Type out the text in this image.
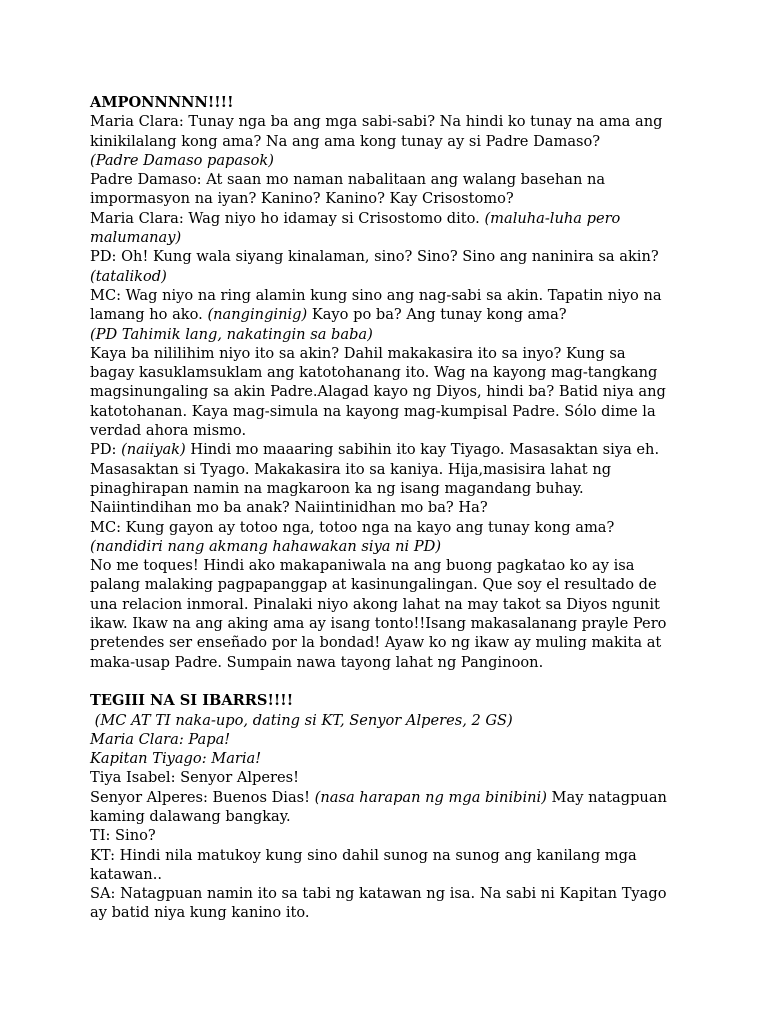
AMPONNNNN!!!!
Maria Clara: Tunay nga ba ang mga sabi-sabi? Na hindi ko tunay na ama ang
kinikilalang kong ama? Na ang ama kong tunay ay si Padre Damaso?
(Padre Damaso papasok)
Padre Damaso: At saan mo naman nabalitaan ang walang basehan na
impormasyon na iyan? Kanino? Kanino? Kay Crisostomo?
Maria Clara: Wag niyo ho idamay si Crisostomo dito. (maluha-luha pero
malumanay)
PD: Oh! Kung wala siyang kinalaman, sino? Sino? Sino ang naninira sa akin?
(tatalikod)
MC: Wag niyo na ring alamin kung sino ang nag-sabi sa akin. Tapatin niyo na
lamang ho ako. (nanginginig) Kayo po ba? Ang tunay kong ama?
(PD Tahimik lang, nakatingin sa baba)
Kaya ba nililihim niyo ito sa akin? Dahil makakasira ito sa inyo? Kung sa
bagay kasuklamsuklam ang katotohanang ito. Wag na kayong mag-tangkang
magsinungaling sa akin Padre.Alagad kayo ng Diyos, hindi ba? Batid niya ang
katotohanan. Kaya mag-simula na kayong mag-kumpisal Padre. Sólo dime la
verdad ahora mismo.
PD: (naiiyak) Hindi mo maaaring sabihin ito kay Tiyago. Masasaktan siya eh.
Masasaktan si Tyago. Makakasira ito sa kaniya. Hija,masisira lahat ng
pinaghirapan namin na magkaroon ka ng isang magandang buhay.
Naiintindihan mo ba anak? Naiintinidhan mo ba? Ha?
MC: Kung gayon ay totoo nga, totoo nga na kayo ang tunay kong ama?
(nandidiri nang akmang hahawakan siya ni PD)
No me toques! Hindi ako makapaniwala na ang buong pagkatao ko ay isa
palang malaking pagpapanggap at kasinungalingan. Que soy el resultado de
una relacion inmoral. Pinalaki niyo akong lahat na may takot sa Diyos ngunit
ikaw. Ikaw na ang aking ama ay isang tonto!!Isang makasalanang prayle Pero
pretendes ser enseñado por la bondad! Ayaw ko ng ikaw ay muling makita at
maka-usap Padre. Sumpain nawa tayong lahat ng Panginoon.
TEGIII NA SI IBARRS!!!!
(MC AT TI naka-upo, dating si KT, Senyor Alperes, 2 GS)
Maria Clara: Papa!
Kapitan Tiyago: Maria!
Tiya Isabel: Senyor Alperes!
Senyor Alperes: Buenos Dias! (nasa harapan ng mga binibini) May natagpuan
kaming dalawang bangkay.
TI: Sino?
KT: Hindi nila matukoy kung sino dahil sunog na sunog ang kanilang mga
katawan..
SA: Natagpuan namin ito sa tabi ng katawan ng isa. Na sabi ni Kapitan Tyago
ay batid niya kung kanino ito.
